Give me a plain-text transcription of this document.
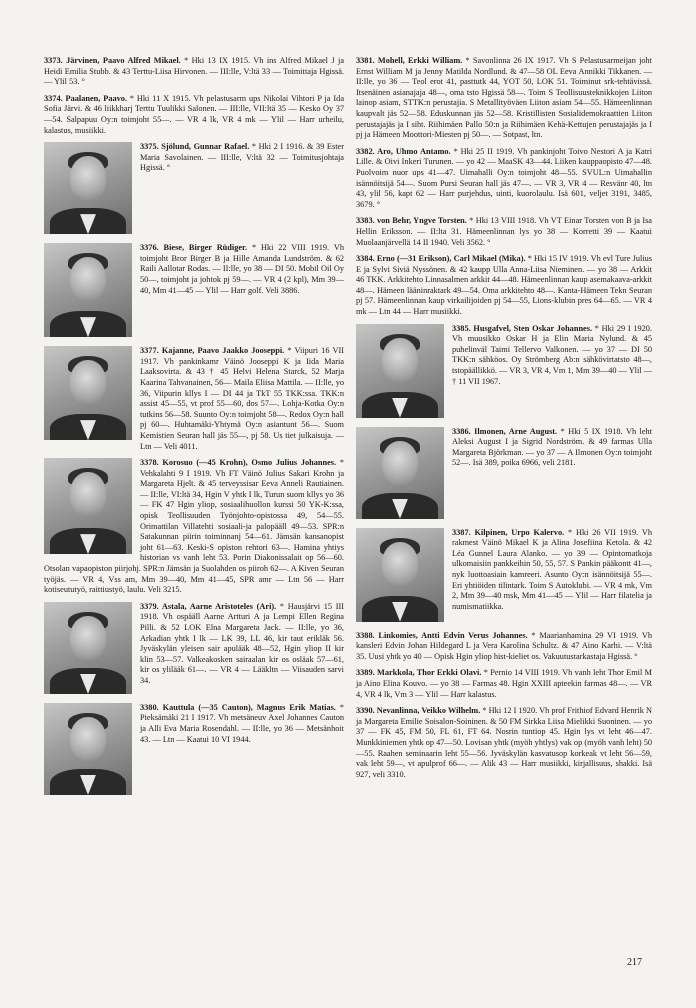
3373. Järvinen, Paavo Alfred Mikael. * Hki 13 IX 1915. Vh ins Alfred Mikael J ja Heidi Emilia Stubb. & 43 Terttu-Liisa Hirvonen. — III:lle, V:ltä 33 — Toimittaja Hgissä. — Ylil 53. °

3374. Paalanen, Paavo. * Hki 11 X 1915. Vh pelastusarm ups Nikolai Vihtori P ja Ida Sofia Järvi. & 46 liikkharj Terttu Tuulikki Salonen. — III:lle, VII:ltä 35 — Kesko Oy 37—54. Salpapuu Oy:n toimjoht 55—. — VR 4 lk, VR 4 mk — Ylil — Harr urheilu, kalastus, musiikki.

3375. Sjölund, Gunnar Rafael. * Hki 2 I 1916. & 39 Ester Maria Savolainen. — III:lle, V:ltä 32 — Toimitusjohtaja Hgissä. °
3376. Biese, Birger Rüdiger. * Hki 22 VIII 1919. Vh toimjoht Bror Birger B ja Hille Amanda Lundström. & 62 Raili Aallotar Rodas. — II:lle, yo 38 — DI 50. Mobil Oil Oy 50—, toimjoht ja johtok pj 59—. — VR 4 (2 kpl), Mm 39—40, Mm 41—45 — Ylil — Harr golf. Veli 3886.
3377. Kajanne, Paavo Jaakko Jooseppi. * Viipuri 16 VII 1917. Vh pankinkamr Väinö Jooseppi K ja Iida Maria Laaksovirta. & 43 † 45 Helvi Helena Starck, 52 Marja Kaarina Tahvanainen, 56— Maila Eliisa Mattila. — II:lle, yo 36, Viipurin kllys I — DI 44 ja TkT 55 TKK:ssa. TKK:n assist 45—55, vt prof 55—60, dos 57—. Lohja-Kotka Oy:n tutkins 56—58. Suunto Oy:n toimjoht 58—. Redox Oy:n hall pj 60—. Huhtamäki-Yhtymä Oy:n asiantunt 56—. Suom Kemistien Seuran hall jäs 55—, pj 58. Us tiet julkaisuja. — Ltn — Veli 4011.
3378. Korosuo (—45 Krohn), Osmo Julius Johannes. * Vehkalahti 9 I 1919. Vh FT Väinö Julius Sakari Krohn ja Margareta Hjelt. & 45 terveyssisar Eeva Anneli Rautiainen. — II:lle, VI:ltä 34, Hgin V yhtk I lk, Turun suom kllys yo 36 — FK 47 Hgin yliop, sosiaalihuollon kurssi 50 YK-K:ssa, opisk Teollisuuden Työnjohto-opistossa 49, 54—55. Orimattilan Villatehti sosiaali-ja palopääll 49—53. SPR:n Satakunnan piirin toiminnanj 54—61. Jämsän kansanopist joht 61—63. Keski-S opiston rehtori 63—. Hamina yhtiys historian vs vanh leht 53. Porin Diakonissalait op 56—60. Otsolan vapaopiston piirjohj. SPR:n Jämsän ja Suolahden os piiroh 62—. A Kiven Seuran työjäs. — VR 4, Vss am, Mm 39—40, Mm 41—45, SPR amr — Ltn 56 — Harr kotiseututyö, raittiustyö, laulu. Veli 3215.
3379. Astala, Aarne Aristoteles (Ari). * Hausjärvi 15 III 1918. Vh ospääll Aarne Artturi A ja Lempi Ellen Regina Pilli. & 52 LOK Elna Margareta Jack. — II:lle, yo 36, Arkadian yhtk I lk — LK 39, LL 46, kir taut erikläk 56. Jyväskylän yleisen sair apulääk 48—52, Hgin yliop II kir klin 53—57. Valkeakosken sairaalan kir os osläak 57—61, kir os ylilääk 61—. — VR 4 — Lääkltn — Viisauden sarvi 34.
3380. Kauttula (—35 Cauton), Magnus Erik Matias. * Pieksämäki 21 I 1917. Vh metsäneuv Axel Johannes Cauton ja Alli Eva Maria Rosendahl. — II:lle, yo 36 — Metsänhoit 43. — Ltn — Kaatui 10 VI 1944.

3381. Mohell, Erkki William. * Savonlinna 26 IX 1917. Vh S Pelastusarmeijan joht Ernst William M ja Jenny Matilda Nordlund. & 47—58 OL Eeva Annikki Tikkanen. — II:lle, yo 36 — Teol erot 41, pasttutk 44, YOT 50, LOK 51. Toiminut srk-tehtävissä. Itsenäinen asianajaja 48—, oma tsto Hgissä 58—. Toim S Teollisuusteknikkojen Liiton lainop asiam, STTK:n perustajia. S Metallityöväen Liiton asiam 54—55. Hämeenlinnan kaupvalt jäs 52—58. Eduskunnan jäs 52—58. Kristillisten Sosialidemokraattien Liiton perustajajäs ja I siht. Riihimäen Pallo 50:n ja Riihimäen Kehä-Kettujen perustajajäs ja I pj ja Hämeen Moottori-Miesten pj 50—. — Sotpast, ltn.

3382. Aro, Uhmo Antamo. * Hki 25 II 1919. Vh pankinjoht Toivo Nestori A ja Katri Lille. & Oivi Inkeri Turunen. — yo 42 — MaaSK 43—44. Liiken kauppaopisto 47—48. Puolvoim nuor ups 41—47. Uimahalli Oy:n toimjoht 48—55. SVUL:n Uimahallin isännöitsijä 54—. Suom Pursi Seuran hall jäs 47—. — VR 3, VR 4 — Resvänr 40, ltn 43, ylil 56, kapt 62 — Harr purjehdus, uinti, kuorolaulu. Isä 601, veljet 3191, 3485, 3679. °

3383. von Behr, Yngve Torsten. * Hki 13 VIII 1918. Vh VT Einar Torsten von B ja Isa Hellin Eriksson. — II:lta 31. Hämeenlinnan lys yo 38 — Korretti 39 — Kaatui Muolaanjärvellä 14 II 1940. Veli 3562. °

3384. Erno (—31 Erikson), Carl Mikael (Mika). * Hki 15 IV 1919. Vh evl Ture Julius E ja Sylvi Siviä Nyssönen. & 42 kaupp Ulla Anna-Liisa Nieminen. — yo 38 — Arkkit 46 TKK. Arkkitehto Linnasalmen arkkit 44—48. Hämeenlinnan kaup asemakaava-arkkit 48—. Hämeen lääninraktark 49—54. Oma arkkitehto 48—. Kanta-Hämeen Tekn Seuran pj 57. Hämeenlinnan kaup virkailijoiden pj 54—55, Lions-klubin pres 64—65. — VR 4 mk — Ltn 44 — Harr musiikki.

3385. Husgafvel, Sten Oskar Johannes. * Hki 29 I 1920. Vh muusikko Oskar H ja Elin Maria Nylund. & 45 puhelinväl Taimi Tellervo Valkonen. — yo 37 — DI 50 TKK:n sähköos. Oy Strömberg Ab:n sähkövirtatsto 48—, tstopäällikkö. — VR 3, VR 4, Vm 1, Mm 39—40 — Ylil — † 11 VII 1967.
3386. Ilmonen, Arne August. * Hki 5 IX 1918. Vh leht Aleksi August I ja Sigrid Nordström. & 49 farmas Ulla Margareta Björkman. — yo 37 — A Ilmonen Oy:n toimjoht 52—. Isä 389, poika 6966, veli 2181.
3387. Kilpinen, Urpo Kalervo. * Hki 26 VII 1919. Vh rakmest Väinö Mikael K ja Alina Josefiina Ketola. & 42 Léa Gunnel Laura Alanko. — yo 39 — Opintomatkoja ulkomaisiin pankkeihin 50, 55, 57. S Pankin pääkontt 41—, nyk luottoasiain kamreeri. Asunto Oy:n isännöitsijä 55—. Eri yhtiöiden tilintark. Toim S Autoklubi. — VR 4 mk, Vm 2, Mm 39—40 msk, Mm 41—45 — Ylil — Harr filatelia ja numismatiikka.

3388. Linkomies, Antti Edvin Verus Johannes. * Maarianhamina 29 VI 1919. Vh kansleri Edvin Johan Hildegard L ja Vera Karolina Schultz. & 47 Aino Karhi. — V:ltä 35. Uusi yhtk yo 40 — Opisk Hgin yliop hist-kieliet os. Vakuutustarkastaja Hgissä. °

3389. Markkola, Thor Erkki Olavi. * Pernio 14 VIII 1919. Vh vanh leht Thor Emil M ja Aino Elina Kouvo. — yo 38 — Farmas 48. Hgin XXIII apteekin farmas 48—. — VR 4, VR 4 lk, Vm 3 — Ylil — Harr kalastus.

3390. Nevanlinna, Veikko Wilhelm. * Hki 12 I 1920. Vh prof Frithiof Edvard Henrik N ja Margareta Emilie Soisalon-Soininen. & 50 FM Sirkka Liisa Mielikki Suoninen. — yo 37 — FK 45, FM 50, FL 61, FT 64. Nosrin tuntiop 45. Hgin lys vt leht 46—47. Munkkiniemen yhtk op 47—50. Lovisan yhtk (myöh yhtlys) vak op (myöh vanh leht) 50—55. Raahen seminaarin leht 55—56. Jyväskylän kasvatusop korkeak vt leht 56—59, vak leht 59—, vt apulprof 66—. — Alik 43 — Harr musiikki, kirjallisuus, shakki. Isä 927, veli 3310.

217
